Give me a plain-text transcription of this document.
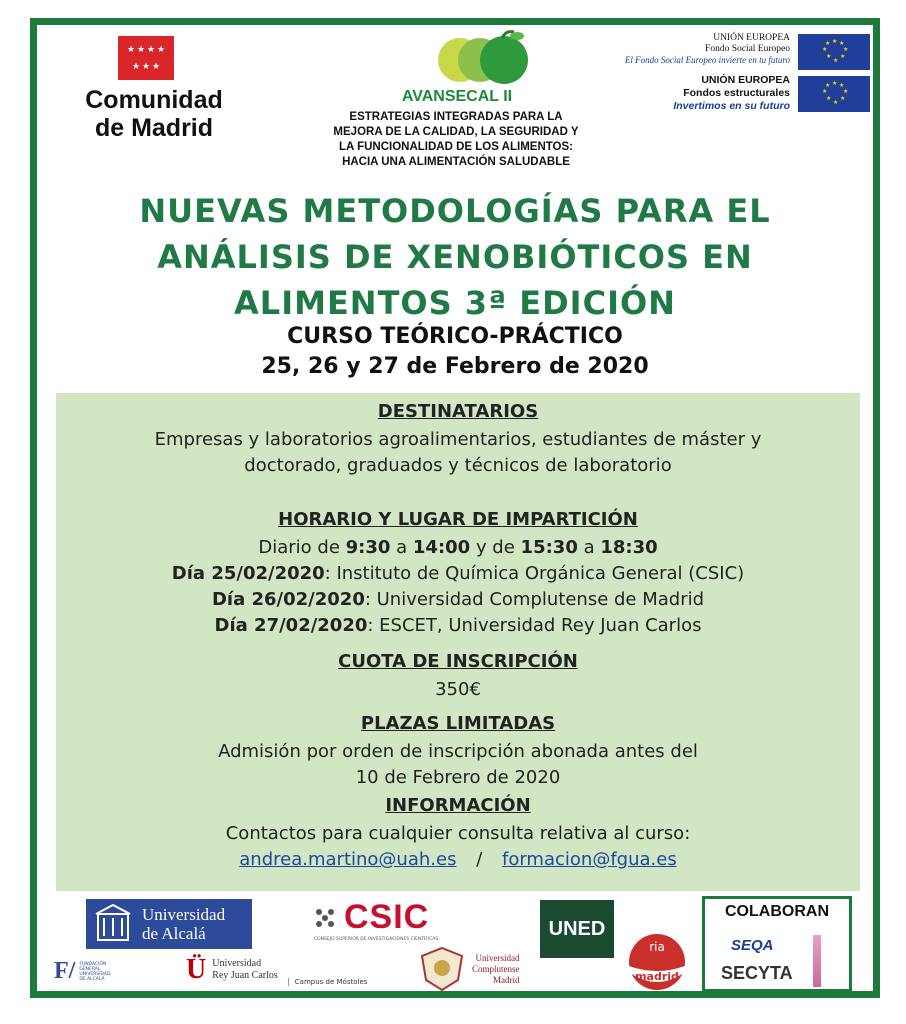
★ ★ ★ ★
★ ★ ★
Comunidad
de Madrid
AVANSECAL II
ESTRATEGIAS INTEGRADAS PARA LA
MEJORA DE LA CALIDAD, LA SEGURIDAD Y
LA FUNCIONALIDAD DE LOS ALIMENTOS:
HACIA UNA ALIMENTACIÓN SALUDABLE
UNIÓN EUROPEA
Fondo Social Europeo
El Fondo Social Europeo invierte en tu futuro
★ ★
★
★
★
★
★
★
UNIÓN EUROPEA
Fondos estructurales
Invertimos en su futuro
★ ★
★
★
★
★
★
★
NUEVAS METODOLOGÍAS PARA EL
ANÁLISIS DE XENOBIÓTICOS EN
ALIMENTOS 3ª EDICIÓN
CURSO TEÓRICO-PRÁCTICO
25, 26 y 27 de Febrero de 2020
DESTINATARIOS
Empresas y laboratorios agroalimentarios, estudiantes de máster y
doctorado, graduados y técnicos de laboratorio
HORARIO Y LUGAR DE IMPARTICIÓN
Diario de 9:30 a 14:00 y de 15:30 a 18:30
Día 25/02/2020: Instituto de Química Orgánica General (CSIC)
Día 26/02/2020: Universidad Complutense de Madrid
Día 27/02/2020: ESCET, Universidad Rey Juan Carlos
CUOTA DE INSCRIPCIÓN
350€
PLAZAS LIMITADAS
Admisión por orden de inscripción abonada antes del
10 de Febrero de 2020
INFORMACIÓN
Contactos para cualquier consulta relativa al curso:
andrea.martino@uah.es / formacion@fgua.es
Universidad
de Alcalá	CSIC
CONSEJO SUPERIOR DE INVESTIGACIONES CIENTÍFICAS	UNED
COLABORAN
SEQA
SECYTA
F/ FUNDACIÓN
GENERAL
UNIVERSIDAD
DE ALCALÁ	Ü Universidad
Rey Juan Carlos
Campus de Móstoles
Universidad
Complutense
Madrid
ria
madrid
